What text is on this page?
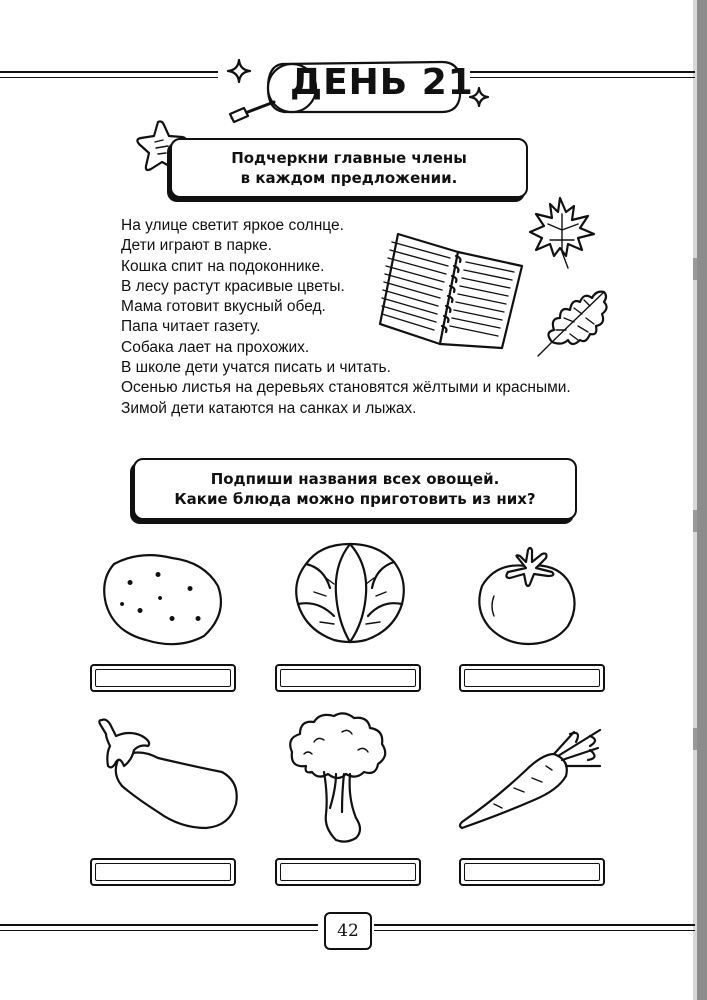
ДЕНЬ 21
Подчеркни главные члены
в каждом предложении.
На улице светит яркое солнце.
Дети играют в парке.
Кошка спит на подоконнике.
В лесу растут красивые цветы.
Мама готовит вкусный обед.
Папа читает газету.
Собака лает на прохожих.
В школе дети учатся писать и читать.
Осенью листья на деревьях становятся жёлтыми и красными.
Зимой дети катаются на санках и лыжах.
Подпиши названия всех овощей.
Какие блюда можно приготовить из них?
42
